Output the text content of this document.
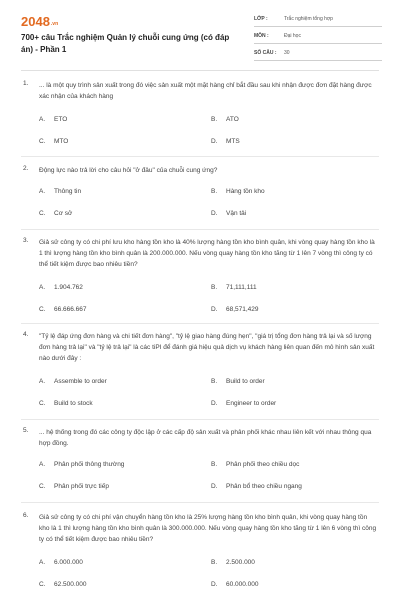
2048.vn
700+ câu Trắc nghiệm Quản lý chuỗi cung ứng (có đáp án) - Phần 1
LỚP :	Trắc nghiệm tổng hợp
MÔN :	Đại học
SỐ CÂU : 30
1. ... là một quy trình sản xuất trong đó việc sản xuất một mặt hàng chỉ bắt đầu sau khi nhận được đơn đặt hàng được xác nhận của khách hàng
A. ETO	B. ATO
C. MTO	D. MTS
2. Động lực nào trả lời cho câu hỏi "ở đâu" của chuỗi cung ứng?
A. Thông tin	B. Hàng tồn kho
C. Cơ sở	D. Vận tải
3. Giả sử công ty có chi phí lưu kho hàng tồn kho là 40% lượng hàng tồn kho bình quân, khi vòng quay hàng tồn kho là 1 thì lượng hàng tồn kho bình quân là 200.000.000. Nếu vòng quay hàng tồn kho tăng từ 1 lên 7 vòng thì công ty có thể tiết kiệm được bao nhiêu tiền?
A. 1.904.762	B. 71,111,111
C. 66.666.667	D. 68,571,429
4. "Tỷ lệ đáp ứng đơn hàng và chi tiết đơn hàng", "tỷ lệ giao hàng đúng hẹn", "giá trị tổng đơn hàng trả lại và số lượng đơn hàng trả lại" và "tỷ lệ trả lại" là các tiPI để đánh giá hiệu quả dịch vụ khách hàng liên quan đến mô hình sản xuất nào dưới đây :
A. Assemble to order	B. Build to order
C. Build to stock	D. Engineer to order
5. ... hệ thống trong đó các công ty độc lập ở các cấp độ sản xuất và phân phối khác nhau liên kết với nhau thông qua hợp đồng.
A. Phân phối thông thường	B. Phân phối theo chiều dọc
C. Phân phối trực tiếp	D. Phân bổ theo chiều ngang
6. Giả sử công ty có chi phí vận chuyển hàng tồn kho là 25% lượng hàng tồn kho bình quân, khi vòng quay hàng tồn kho là 1 thì lượng hàng tồn kho bình quân là 300.000.000. Nếu vòng quay hàng tồn kho tăng từ 1 lên 6 vòng thì công ty có thể tiết kiệm được bao nhiêu tiền?
A. 6.000.000	B. 2.500.000
C. 62.500.000	D. 60.000.000
